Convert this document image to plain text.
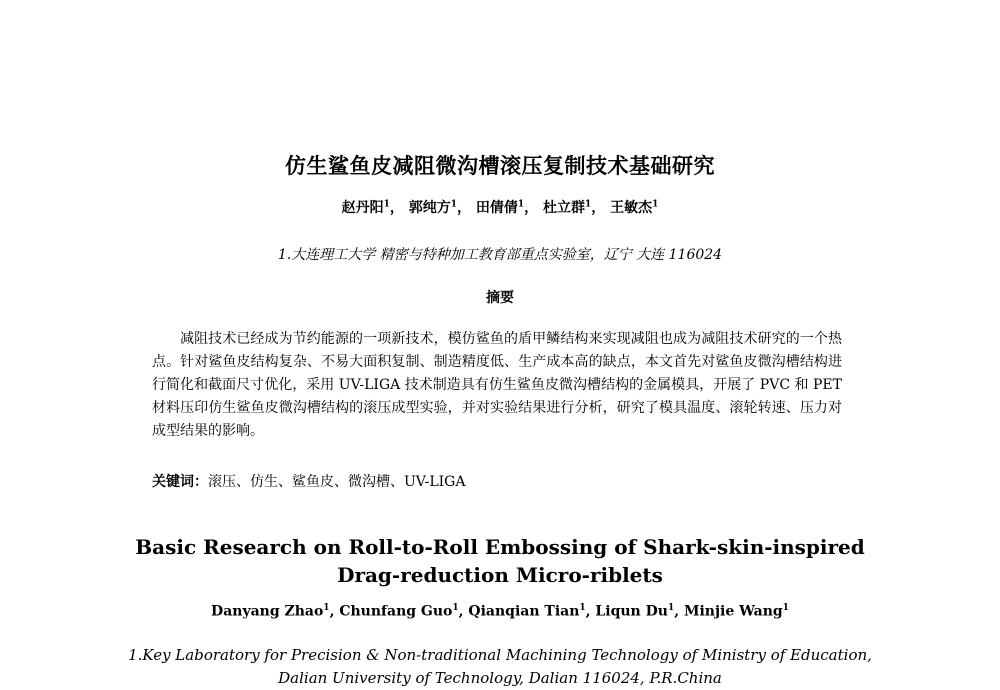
仿生鲨鱼皮减阻微沟槽滚压复制技术基础研究
赵丹阳$^1$， 郭纯方$^1$， 田倩倩$^1$， 杜立群$^1$， 王敏杰$^1$
1.大连理工大学 精密与特种加工教育部重点实验室，辽宁 大连 116024
摘要

减阻技术已经成为节约能源的一项新技术，模仿鲨鱼的盾甲鳞结构来实现减阻也成为减阻技术研究的一个热点。针对鲨鱼皮结构复杂、不易大面积复制、制造精度低、生产成本高的缺点，本文首先对鲨鱼皮微沟槽结构进行简化和截面尺寸优化，采用 UV-LIGA 技术制造具有仿生鲨鱼皮微沟槽结构的金属模具，开展了 PVC 和 PET 材料压印仿生鲨鱼皮微沟槽结构的滚压成型实验，并对实验结果进行分析，研究了模具温度、滚轮转速、压力对成型结果的影响。

关键词：滚压、仿生、鲨鱼皮、微沟槽、UV-LIGA
Basic Research on Roll-to-Roll Embossing of Shark-skin-inspired
Drag-reduction Micro-riblets
Danyang Zhao$^1$, Chunfang Guo$^1$, Qianqian Tian$^1$, Liqun Du$^1$, Minjie Wang$^1$
1.Key Laboratory for Precision & Non-traditional Machining Technology of Ministry of Education,
Dalian University of Technology, Dalian 116024, P.R.China
